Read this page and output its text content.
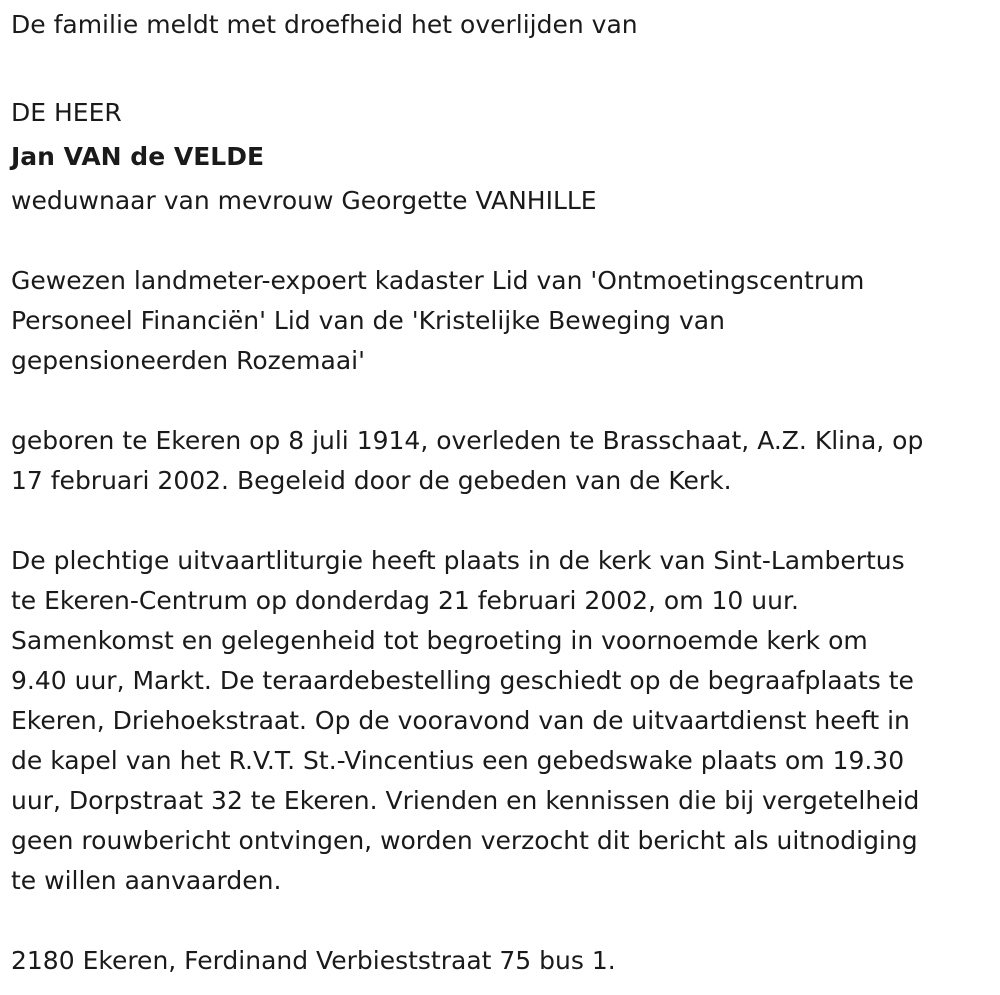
De familie meldt met droefheid het overlijden van

DE HEER

Jan VAN de VELDE

weduwnaar van mevrouw Georgette VANHILLE

Gewezen landmeter-expoert kadaster Lid van 'Ontmoetingscentrum

Personeel Financiën' Lid van de 'Kristelijke Beweging van

gepensioneerden Rozemaai'

geboren te Ekeren op 8 juli 1914, overleden te Brasschaat, A.Z. Klina, op

17 februari 2002. Begeleid door de gebeden van de Kerk.

De plechtige uitvaartliturgie heeft plaats in de kerk van Sint-Lambertus

te Ekeren-Centrum op donderdag 21 februari 2002, om 10 uur.

Samenkomst en gelegenheid tot begroeting in voornoemde kerk om

9.40 uur, Markt. De teraardebestelling geschiedt op de begraafplaats te

Ekeren, Driehoekstraat. Op de vooravond van de uitvaartdienst heeft in

de kapel van het R.V.T. St.-Vincentius een gebedswake plaats om 19.30

uur, Dorpstraat 32 te Ekeren. Vrienden en kennissen die bij vergetelheid

geen rouwbericht ontvingen, worden verzocht dit bericht als uitnodiging

te willen aanvaarden.

2180 Ekeren, Ferdinand Verbieststraat 75 bus 1.
